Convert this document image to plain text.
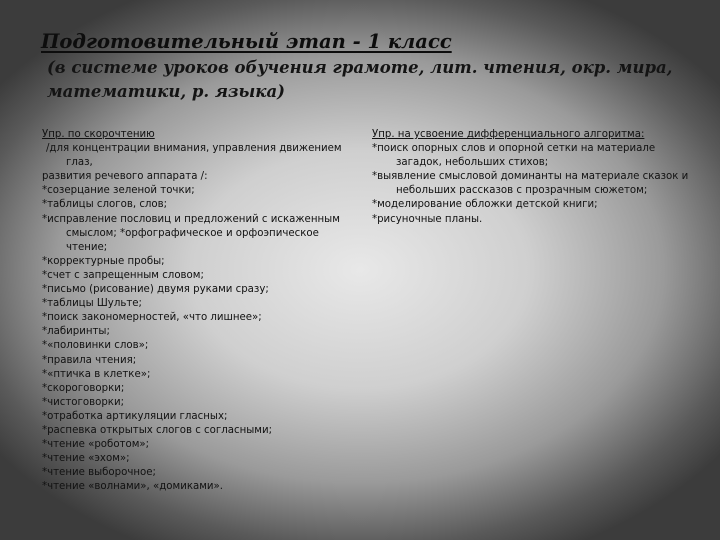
Подготовительный этап - 1 класс
(в системе уроков обучения грамоте, лит. чтения, окр. мира, математики, р. языка)

Упр. по скорочтению

/для концентрации внимания, управления движением глаз,

развития речевого аппарата /:

*созерцание зеленой точки;

*таблицы слогов, слов;

*исправление пословиц и предложений с искаженным смыслом; *орфографическое и орфоэпическое чтение;

*корректурные пробы;

*счет с запрещенным словом;

*письмо (рисование) двумя руками сразу;

*таблицы Шульте;

*поиск закономерностей, «что лишнее»;

*лабиринты;

*«половинки слов»;

*правила чтения;

*«птичка в клетке»;

*скороговорки;

*чистоговорки;

*отработка артикуляции гласных;

*распевка открытых слогов с согласными;

*чтение «роботом»;

*чтение «эхом»;

*чтение выборочное;

*чтение «волнами», «домиками».

Упр. на усвоение дифференциального алгоритма:

*поиск опорных слов и опорной сетки на материале загадок, небольших стихов;

*выявление смысловой доминанты на материале сказок и небольших рассказов с прозрачным сюжетом;

*моделирование обложки детской книги;

*рисуночные планы.
